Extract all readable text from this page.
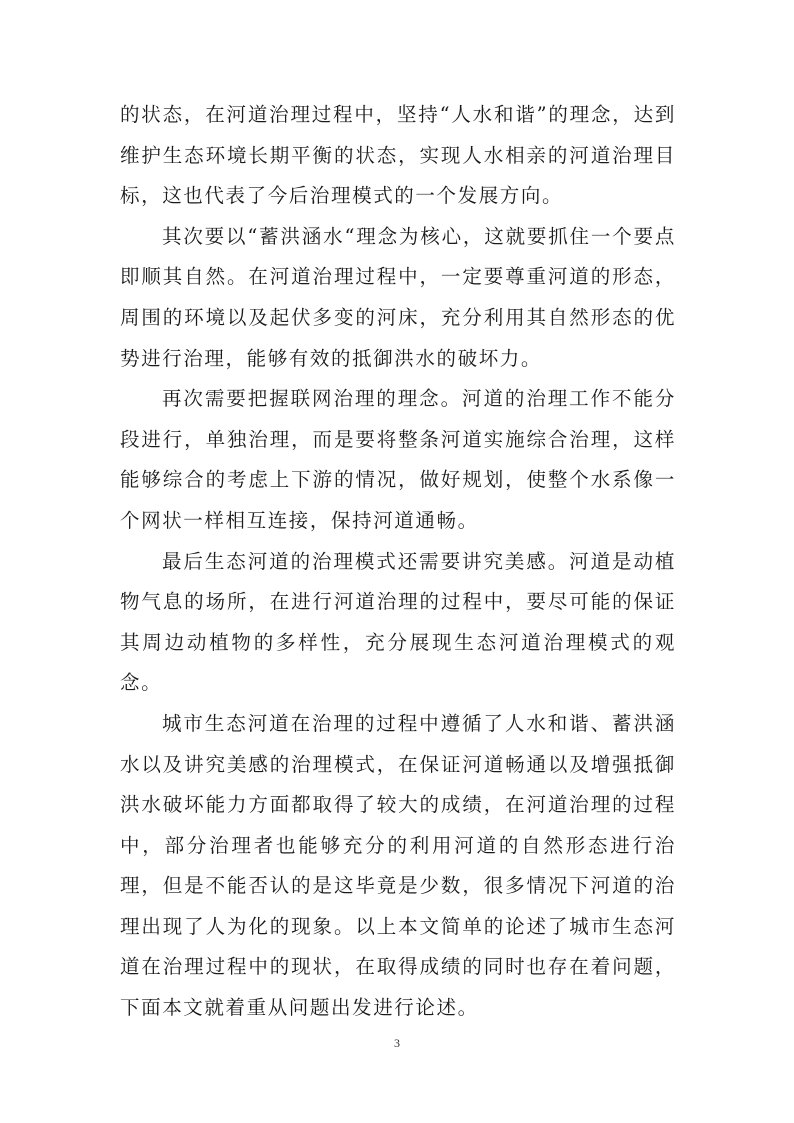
的状态，在河道治理过程中，坚持“人水和谐”的理念，达到维护生态环境长期平衡的状态，实现人水相亲的河道治理目标，这也代表了今后治理模式的一个发展方向。

其次要以“蓄洪涵水“理念为核心，这就要抓住一个要点即顺其自然。在河道治理过程中，一定要尊重河道的形态，周围的环境以及起伏多变的河床，充分利用其自然形态的优势进行治理，能够有效的抵御洪水的破坏力。

再次需要把握联网治理的理念。河道的治理工作不能分段进行，单独治理，而是要将整条河道实施综合治理，这样能够综合的考虑上下游的情况，做好规划，使整个水系像一个网状一样相互连接，保持河道通畅。

最后生态河道的治理模式还需要讲究美感。河道是动植物气息的场所，在进行河道治理的过程中，要尽可能的保证其周边动植物的多样性，充分展现生态河道治理模式的观念。

城市生态河道在治理的过程中遵循了人水和谐、蓄洪涵水以及讲究美感的治理模式，在保证河道畅通以及增强抵御洪水破坏能力方面都取得了较大的成绩，在河道治理的过程中，部分治理者也能够充分的利用河道的自然形态进行治理，但是不能否认的是这毕竟是少数，很多情况下河道的治理出现了人为化的现象。以上本文简单的论述了城市生态河道在治理过程中的现状，在取得成绩的同时也存在着问题，下面本文就着重从问题出发进行论述。

3
